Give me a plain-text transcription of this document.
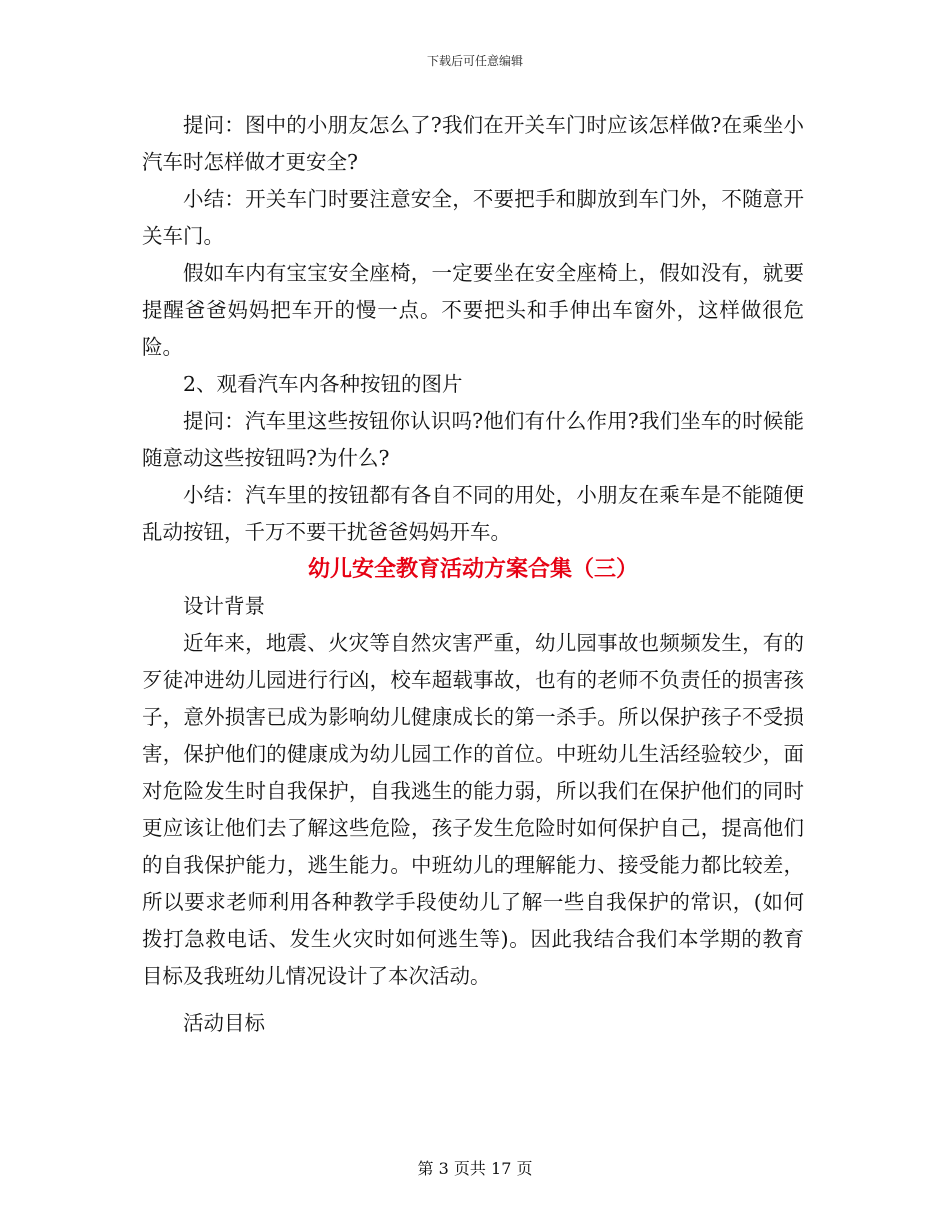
下载后可任意编辑

提问：图中的小朋友怎么了?我们在开关车门时应该怎样做?在乘坐小汽车时怎样做才更安全?

小结：开关车门时要注意安全，不要把手和脚放到车门外，不随意开关车门。

假如车内有宝宝安全座椅，一定要坐在安全座椅上，假如没有，就要提醒爸爸妈妈把车开的慢一点。不要把头和手伸出车窗外，这样做很危险。

2、观看汽车内各种按钮的图片

提问：汽车里这些按钮你认识吗?他们有什么作用?我们坐车的时候能随意动这些按钮吗?为什么?

小结：汽车里的按钮都有各自不同的用处，小朋友在乘车是不能随便乱动按钮，千万不要干扰爸爸妈妈开车。

幼儿安全教育活动方案合集（三）

设计背景

近年来，地震、火灾等自然灾害严重，幼儿园事故也频频发生，有的歹徒冲进幼儿园进行行凶，校车超载事故，也有的老师不负责任的损害孩子，意外损害已成为影响幼儿健康成长的第一杀手。所以保护孩子不受损害，保护他们的健康成为幼儿园工作的首位。中班幼儿生活经验较少，面对危险发生时自我保护，自我逃生的能力弱，所以我们在保护他们的同时更应该让他们去了解这些危险，孩子发生危险时如何保护自己，提高他们的自我保护能力，逃生能力。中班幼儿的理解能力、接受能力都比较差，所以要求老师利用各种教学手段使幼儿了解一些自我保护的常识，(如何拨打急救电话、发生火灾时如何逃生等)。因此我结合我们本学期的教育目标及我班幼儿情况设计了本次活动。

活动目标

第 3 页共 17 页
